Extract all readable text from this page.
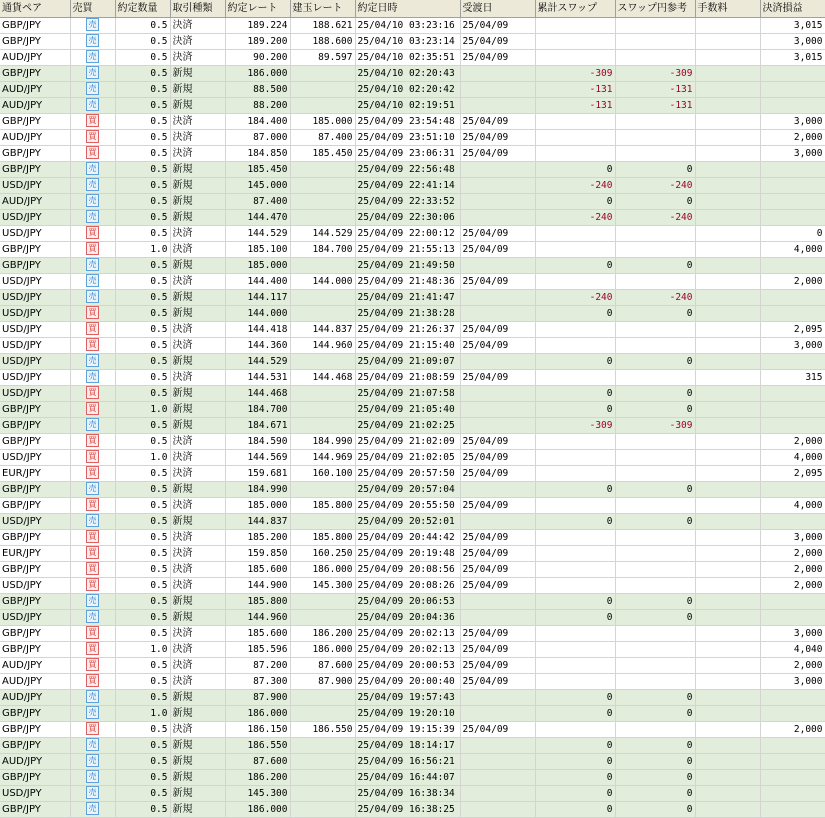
通貨ペア	売買	約定数量	取引種類	約定レート	建玉レート	約定日時	受渡日	累計スワップ	スワップ円参考	手数料	決済損益
GBP/JPY	売	0.5	決済	189.224	188.621	25/04/10 03:23:16	25/04/09				3,015
GBP/JPY	売	0.5	決済	189.200	188.600	25/04/10 03:23:14	25/04/09				3,000
AUD/JPY	売	0.5	決済	90.200	89.597	25/04/10 02:35:51	25/04/09				3,015
GBP/JPY	売	0.5	新規	186.000		25/04/10 02:20:43		-309	-309		
AUD/JPY	売	0.5	新規	88.500		25/04/10 02:20:42		-131	-131		
AUD/JPY	売	0.5	新規	88.200		25/04/10 02:19:51		-131	-131		
GBP/JPY	買	0.5	決済	184.400	185.000	25/04/09 23:54:48	25/04/09				3,000
AUD/JPY	買	0.5	決済	87.000	87.400	25/04/09 23:51:10	25/04/09				2,000
GBP/JPY	買	0.5	決済	184.850	185.450	25/04/09 23:06:31	25/04/09				3,000
GBP/JPY	売	0.5	新規	185.450		25/04/09 22:56:48		0	0		
USD/JPY	売	0.5	新規	145.000		25/04/09 22:41:14		-240	-240		
AUD/JPY	売	0.5	新規	87.400		25/04/09 22:33:52		0	0		
USD/JPY	売	0.5	新規	144.470		25/04/09 22:30:06		-240	-240		
USD/JPY	買	0.5	決済	144.529	144.529	25/04/09 22:00:12	25/04/09				0
GBP/JPY	買	1.0	決済	185.100	184.700	25/04/09 21:55:13	25/04/09				4,000
GBP/JPY	売	0.5	新規	185.000		25/04/09 21:49:50		0	0		
USD/JPY	売	0.5	決済	144.400	144.000	25/04/09 21:48:36	25/04/09				2,000
USD/JPY	売	0.5	新規	144.117		25/04/09 21:41:47		-240	-240		
USD/JPY	買	0.5	新規	144.000		25/04/09 21:38:28		0	0		
USD/JPY	買	0.5	決済	144.418	144.837	25/04/09 21:26:37	25/04/09				2,095
USD/JPY	買	0.5	決済	144.360	144.960	25/04/09 21:15:40	25/04/09				3,000
USD/JPY	売	0.5	新規	144.529		25/04/09 21:09:07		0	0		
USD/JPY	売	0.5	決済	144.531	144.468	25/04/09 21:08:59	25/04/09				315
USD/JPY	買	0.5	新規	144.468		25/04/09 21:07:58		0	0		
GBP/JPY	買	1.0	新規	184.700		25/04/09 21:05:40		0	0		
GBP/JPY	売	0.5	新規	184.671		25/04/09 21:02:25		-309	-309		
GBP/JPY	買	0.5	決済	184.590	184.990	25/04/09 21:02:09	25/04/09				2,000
USD/JPY	買	1.0	決済	144.569	144.969	25/04/09 21:02:05	25/04/09				4,000
EUR/JPY	買	0.5	決済	159.681	160.100	25/04/09 20:57:50	25/04/09				2,095
GBP/JPY	売	0.5	新規	184.990		25/04/09 20:57:04		0	0		
GBP/JPY	買	0.5	決済	185.000	185.800	25/04/09 20:55:50	25/04/09				4,000
USD/JPY	売	0.5	新規	144.837		25/04/09 20:52:01		0	0		
GBP/JPY	買	0.5	決済	185.200	185.800	25/04/09 20:44:42	25/04/09				3,000
EUR/JPY	買	0.5	決済	159.850	160.250	25/04/09 20:19:48	25/04/09				2,000
GBP/JPY	買	0.5	決済	185.600	186.000	25/04/09 20:08:56	25/04/09				2,000
USD/JPY	買	0.5	決済	144.900	145.300	25/04/09 20:08:26	25/04/09				2,000
GBP/JPY	売	0.5	新規	185.800		25/04/09 20:06:53		0	0		
USD/JPY	売	0.5	新規	144.960		25/04/09 20:04:36		0	0		
GBP/JPY	買	0.5	決済	185.600	186.200	25/04/09 20:02:13	25/04/09				3,000
GBP/JPY	買	1.0	決済	185.596	186.000	25/04/09 20:02:13	25/04/09				4,040
AUD/JPY	買	0.5	決済	87.200	87.600	25/04/09 20:00:53	25/04/09				2,000
AUD/JPY	買	0.5	決済	87.300	87.900	25/04/09 20:00:40	25/04/09				3,000
AUD/JPY	売	0.5	新規	87.900		25/04/09 19:57:43		0	0		
GBP/JPY	売	1.0	新規	186.000		25/04/09 19:20:10		0	0		
GBP/JPY	買	0.5	決済	186.150	186.550	25/04/09 19:15:39	25/04/09				2,000
GBP/JPY	売	0.5	新規	186.550		25/04/09 18:14:17		0	0		
AUD/JPY	売	0.5	新規	87.600		25/04/09 16:56:21		0	0		
GBP/JPY	売	0.5	新規	186.200		25/04/09 16:44:07		0	0		
USD/JPY	売	0.5	新規	145.300		25/04/09 16:38:34		0	0		
GBP/JPY	売	0.5	新規	186.000		25/04/09 16:38:25		0	0		
